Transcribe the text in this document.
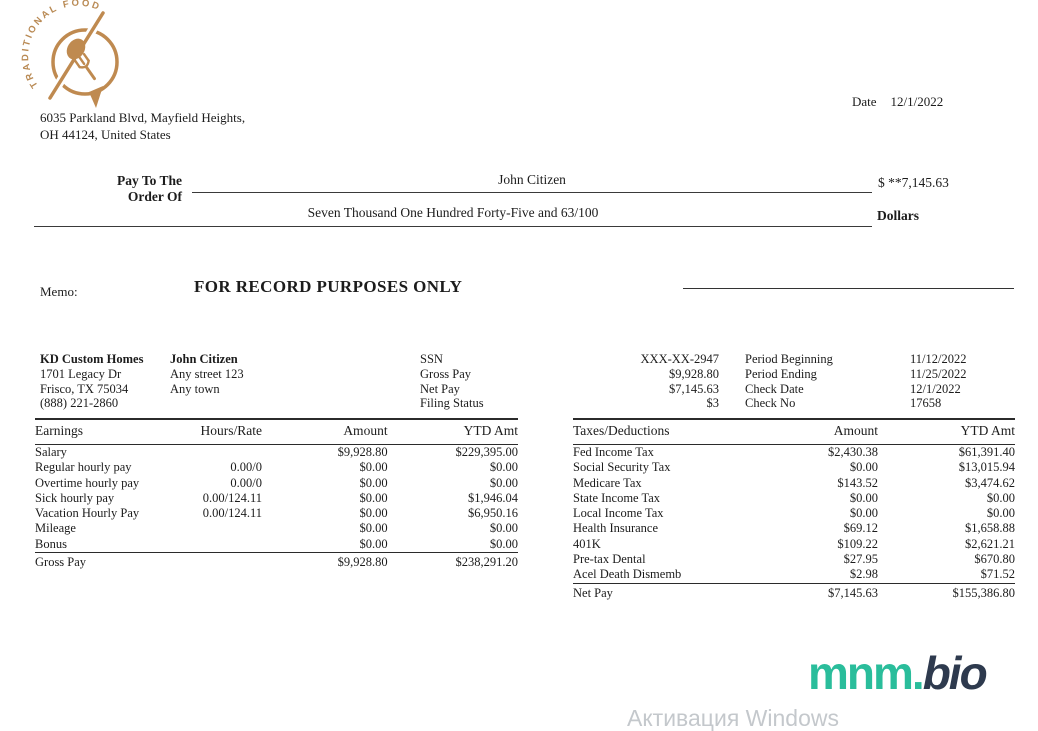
TRADITIONAL FOOD
6035 Parkland Blvd, Mayfield Heights,
OH 44124, United States
Date 12/1/2022
Pay To The
Order Of
John Citizen	$ **7,145.63
Seven Thousand One Hundred Forty-Five and 63/100	Dollars
Memo:	FOR RECORD PURPOSES ONLY
KD Custom Homes
1701 Legacy Dr
Frisco, TX 75034
(888) 221-2860
John Citizen
Any street 123
Any town
SSN	XXX-XX-2947
Gross Pay	$9,928.80
Net Pay	$7,145.63
Filing Status	$3
Period Beginning	11/12/2022
Period Ending	11/25/2022
Check Date	12/1/2022
Check No	17658
Earnings	Hours/Rate	Amount	YTD Amt
Salary		$9,928.80	$229,395.00
Regular hourly pay	0.00/0	$0.00	$0.00
Overtime hourly pay	0.00/0	$0.00	$0.00
Sick hourly pay	0.00/124.11	$0.00	$1,946.04
Vacation Hourly Pay	0.00/124.11	$0.00	$6,950.16
Mileage		$0.00	$0.00
Bonus		$0.00	$0.00
Gross Pay		$9,928.80	$238,291.20
Taxes/Deductions	Amount	YTD Amt
Fed Income Tax	$2,430.38	$61,391.40
Social Security Tax	$0.00	$13,015.94
Medicare Tax	$143.52	$3,474.62
State Income Tax	$0.00	$0.00
Local Income Tax	$0.00	$0.00
Health Insurance	$69.12	$1,658.88
401K	$109.22	$2,621.21
Pre-tax Dental	$27.95	$670.80
Acel Death Dismemb	$2.98	$71.52
Net Pay	$7,145.63	$155,386.80
mnm.bio
Активация Windows
